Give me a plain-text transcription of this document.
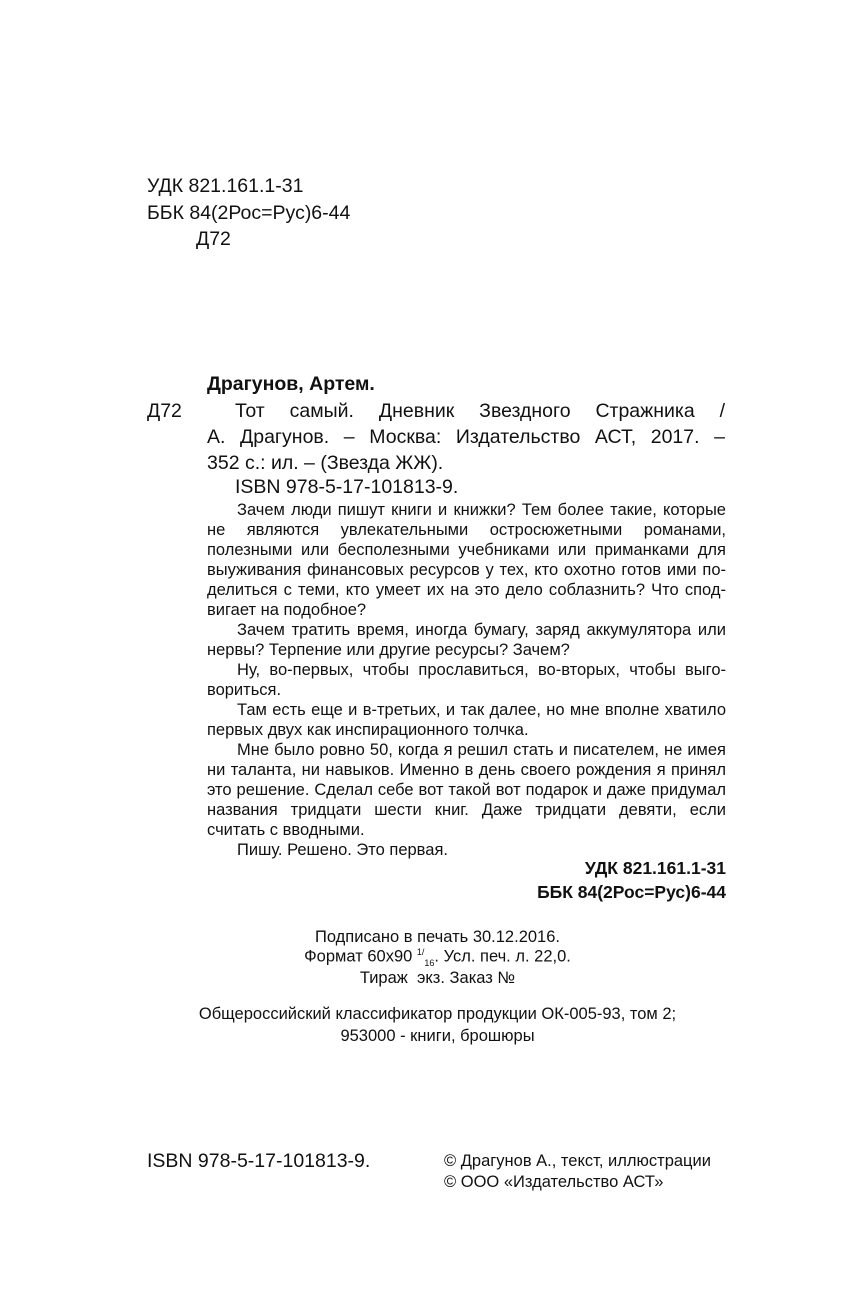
УДК 821.161.1-31
ББК 84(2Рос=Рус)6-44
Д72
Драгунов, Артем.
Д72	Тот самый. Дневник Звездного Стражника /
А. Драгунов. – Москва: Издательство АСТ, 2017. –
352 с.: ил. – (Звезда ЖЖ).
ISBN 978-5-17-101813-9.

Зачем люди пишут книги и книжки? Тем более такие, которые не являются увлекательными остросюжетными романами, полезными или бесполезными учебниками или приманками для выуживания финансовых ресурсов у тех, кто охотно готов ими поделиться с теми, кто умеет их на это дело соблазнить? Что сподвигает на подобное?

Зачем тратить время, иногда бумагу, заряд аккумулятора или нервы? Терпение или другие ресурсы? Зачем?

Ну, во-первых, чтобы прославиться, во-вторых, чтобы выговориться.

Там есть еще и в-третьих, и так далее, но мне вполне хватило первых двух как инспирационного толчка.

Мне было ровно 50, когда я решил стать и писателем, не имея ни таланта, ни навыков. Именно в день своего рождения я принял это решение. Сделал себе вот такой вот подарок и даже придумал названия тридцати шести книг. Даже тридцати девяти, если считать с вводными.

Пишу. Решено. Это первая.

УДК 821.161.1-31
ББК 84(2Рос=Рус)6-44
Подписано в печать 30.12.2016.
Формат 60x90 $^{1/}_{16}$. Усл. печ. л. 22,0.
Тираж  экз. Заказ №
Общероссийский классификатор продукции ОК-005-93, том 2;
953000 - книги, брошюры
ISBN 978-5-17-101813-9.	© Драгунов А., текст, иллюстрации
© ООО «Издательство АСТ»
